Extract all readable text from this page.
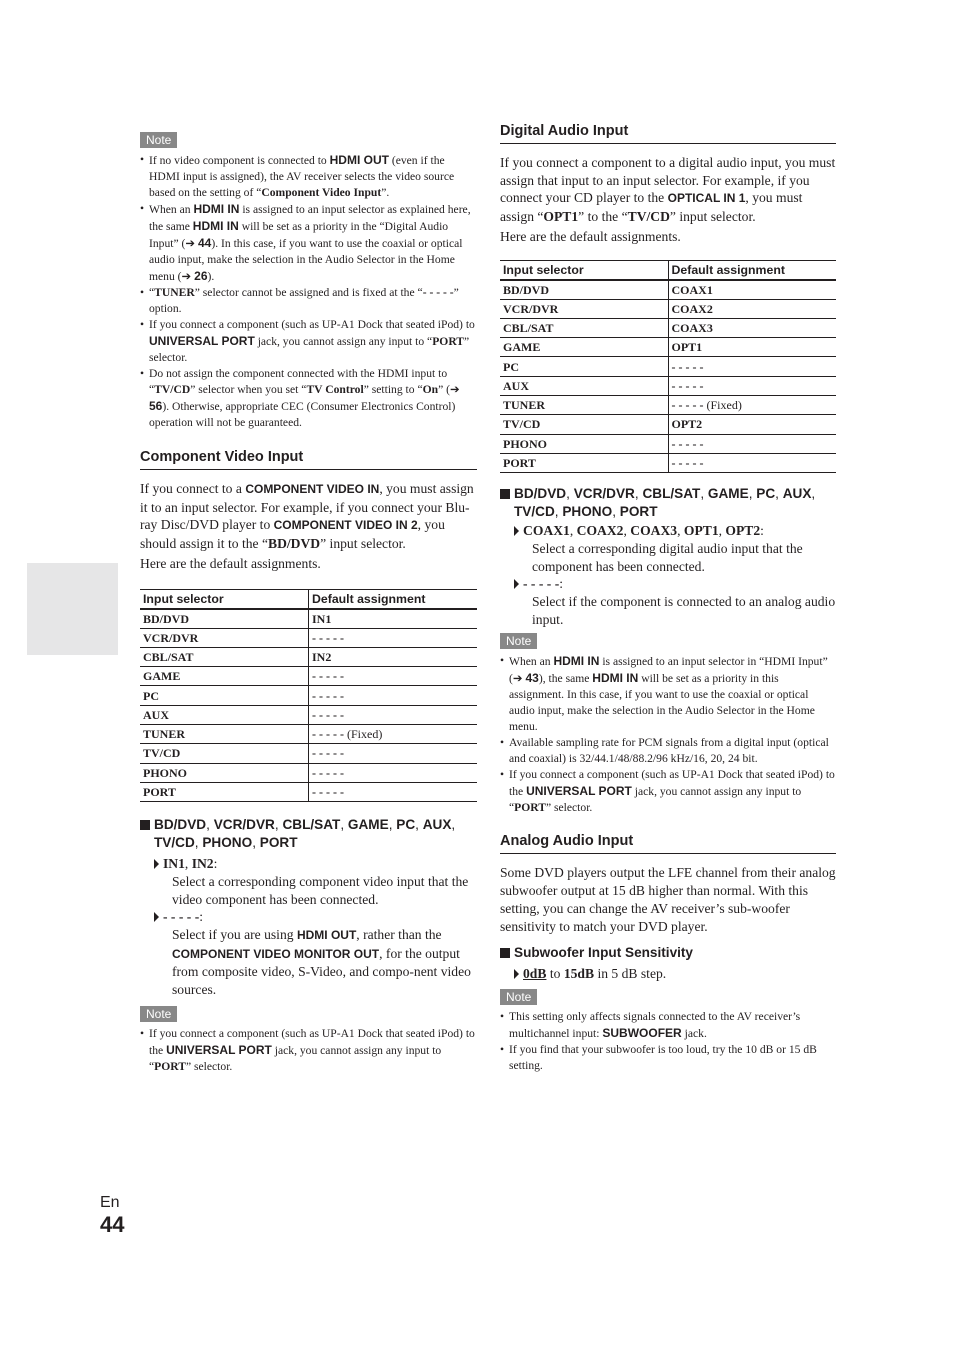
Note
• If no video component is connected to HDMI OUT (even if the HDMI input is assigned), the AV receiver selects the video source based on the setting of “Component Video Input”.
• When an HDMI IN is assigned to an input selector as explained here, the same HDMI IN will be set as a priority in the “Digital Audio Input” (➔ 44). In this case, if you want to use the coaxial or optical audio input, make the selection in the Audio Selector in the Home menu (➔ 26).
• “TUNER” selector cannot be assigned and is fixed at the “- - - - -” option.
• If you connect a component (such as UP-A1 Dock that seated iPod) to UNIVERSAL PORT jack, you cannot assign any input to “PORT” selector.
• Do not assign the component connected with the HDMI input to “TV/CD” selector when you set “TV Control” setting to “On” (➔ 56). Otherwise, appropriate CEC (Consumer Electronics Control) operation will not be guaranteed.
Component Video Input

If you connect to a COMPONENT VIDEO IN, you must assign it to an input selector. For example, if you connect your Blu-ray Disc/DVD player to COMPONENT VIDEO IN 2, you should assign it to the “BD/DVD” input selector.

Here are the default assignments.

Input selector	Default assignment
BD/DVD	IN1
VCR/DVR	- - - - -
CBL/SAT	IN2
GAME	- - - - -
PC	- - - - -
AUX	- - - - -
TUNER	- - - - - (Fixed)
TV/CD	- - - - -
PHONO	- - - - -
PORT	- - - - -
BD/DVD, VCR/DVR, CBL/SAT, GAME, PC, AUX, TV/CD, PHONO, PORT
IN1, IN2:

Select a corresponding component video input that the video component has been connected.

- - - - -:

Select if you are using HDMI OUT, rather than the COMPONENT VIDEO MONITOR OUT, for the output from composite video, S-Video, and compo-nent video sources.

Note
• If you connect a component (such as UP-A1 Dock that seated iPod) to the UNIVERSAL PORT jack, you cannot assign any input to “PORT” selector.
Digital Audio Input

If you connect a component to a digital audio input, you must assign that input to an input selector. For example, if you connect your CD player to the OPTICAL IN 1, you must assign “OPT1” to the “TV/CD” input selector.

Here are the default assignments.

Input selector	Default assignment
BD/DVD	COAX1
VCR/DVR	COAX2
CBL/SAT	COAX3
GAME	OPT1
PC	- - - - -
AUX	- - - - -
TUNER	- - - - - (Fixed)
TV/CD	OPT2
PHONO	- - - - -
PORT	- - - - -
BD/DVD, VCR/DVR, CBL/SAT, GAME, PC, AUX, TV/CD, PHONO, PORT
COAX1, COAX2, COAX3, OPT1, OPT2:

Select a corresponding digital audio input that the component has been connected.

- - - - -:

Select if the component is connected to an analog audio input.

Note
• When an HDMI IN is assigned to an input selector in “HDMI Input” (➔ 43), the same HDMI IN will be set as a priority in this assignment. In this case, if you want to use the coaxial or optical audio input, make the selection in the Audio Selector in the Home menu.
• Available sampling rate for PCM signals from a digital input (optical and coaxial) is 32/44.1/48/88.2/96 kHz/16, 20, 24 bit.
• If you connect a component (such as UP-A1 Dock that seated iPod) to the UNIVERSAL PORT jack, you cannot assign any input to “PORT” selector.
Analog Audio Input

Some DVD players output the LFE channel from their analog subwoofer output at 15 dB higher than normal. With this setting, you can change the AV receiver’s sub-woofer sensitivity to match your DVD player.

Subwoofer Input Sensitivity
0dB to 15dB in 5 dB step.
Note
• This setting only affects signals connected to the AV receiver’s multichannel input: SUBWOOFER jack.
• If you find that your subwoofer is too loud, try the 10 dB or 15 dB setting.
En
44
